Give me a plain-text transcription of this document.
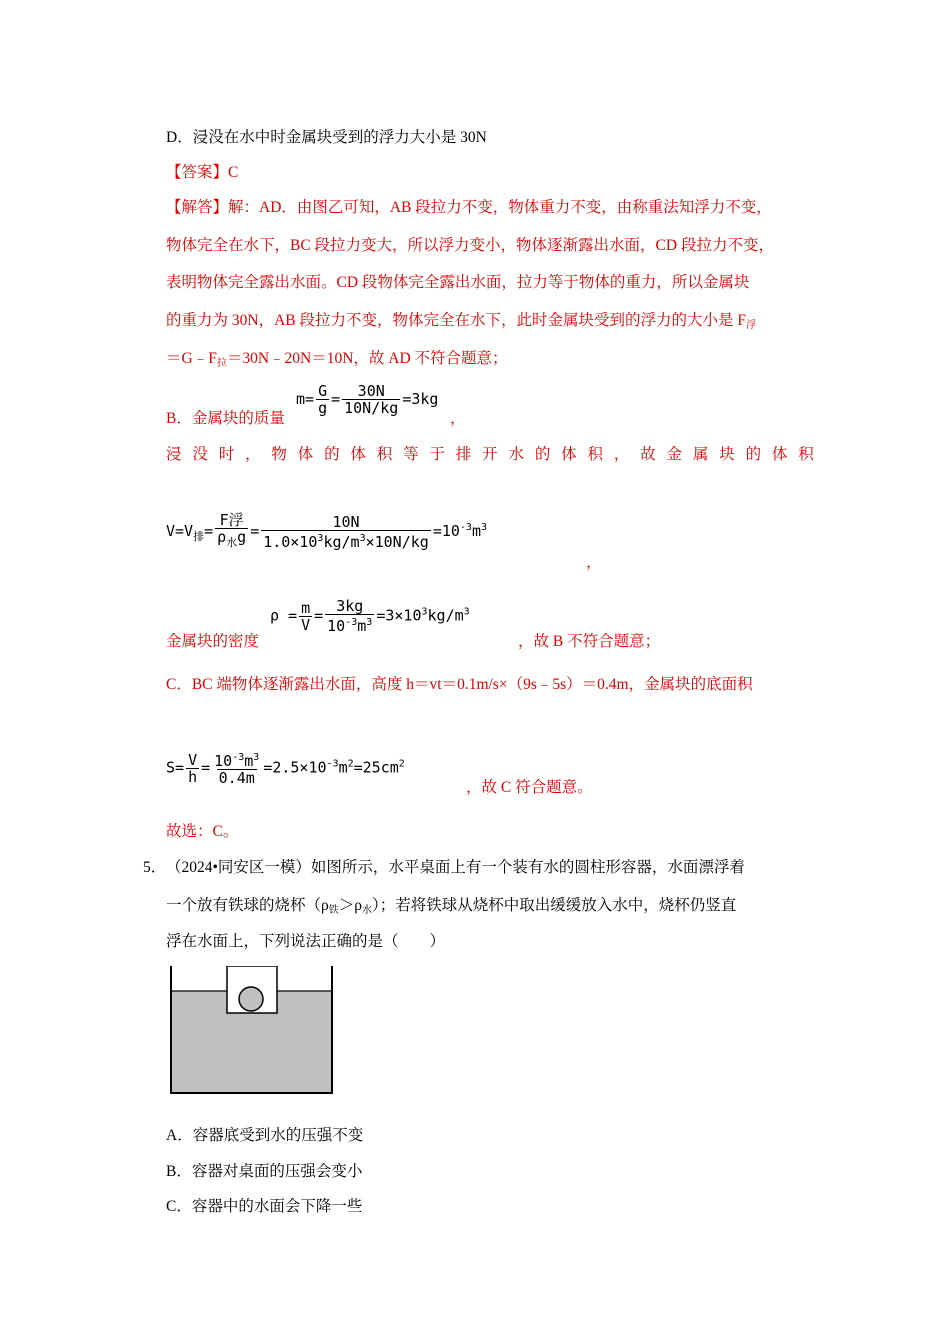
D．浸没在水中时金属块受到的浮力大小是 30N
【答案】C
【解答】解：AD．由图乙可知，AB 段拉力不变，物体重力不变，由称重法知浮力不变，
物体完全在水下，BC 段拉力变大，所以浮力变小，物体逐渐露出水面，CD 段拉力不变，
表明物体完全露出水面。CD 段物体完全露出水面，拉力等于物体的重力，所以金属块
的重力为 30N，AB 段拉力不变，物体完全在水下，此时金属块受到的浮力的大小是 $F_浮$
$=G﹣F_拉=30N﹣20N=10N$，故 AD 不符合题意；
B．金属块的质量
$m= \frac{G}{g} = \frac{30N}{10N/kg} =3kg$
，
浸 没 时 ， 物 体 的 体 积 等 于 排 开 水 的 体 积 ， 故 金 属 块 的 体 积
$V=V_排= \frac{\text{F浮}}{\rho_水g} = \frac{10N}{1.0\times 10^3kg/m^3\times 10N/kg} =10^{-3}m^3$
，
金属块的密度
$\rho = \frac{m}{V} = \frac{3kg}{10^{-3}m^3} =3\times 10^3kg/m^3$
，故 B 不符合题意；
C．BC 端物体逐渐露出水面，高度 h＝vt＝0.1m/s×（9s﹣5s）＝0.4m，金属块的底面积
$S= \frac{V}{h} = \frac{10^{-3}m^3}{0.4m} =2.5\times 10^{-3}m^2=25cm^2$
，故 C 符合题意。
故选：C。
5． （2024•同安区一模）如图所示，水平桌面上有一个装有水的圆柱形容器，水面漂浮着
一个放有铁球的烧杯$(\rho_铁>\rho_水)$；若将铁球从烧杯中取出缓缓放入水中，烧杯仍竖直
浮在水面上，下列说法正确的是（　　）
A．容器底受到水的压强不变
B．容器对桌面的压强会变小
C．容器中的水面会下降一些
